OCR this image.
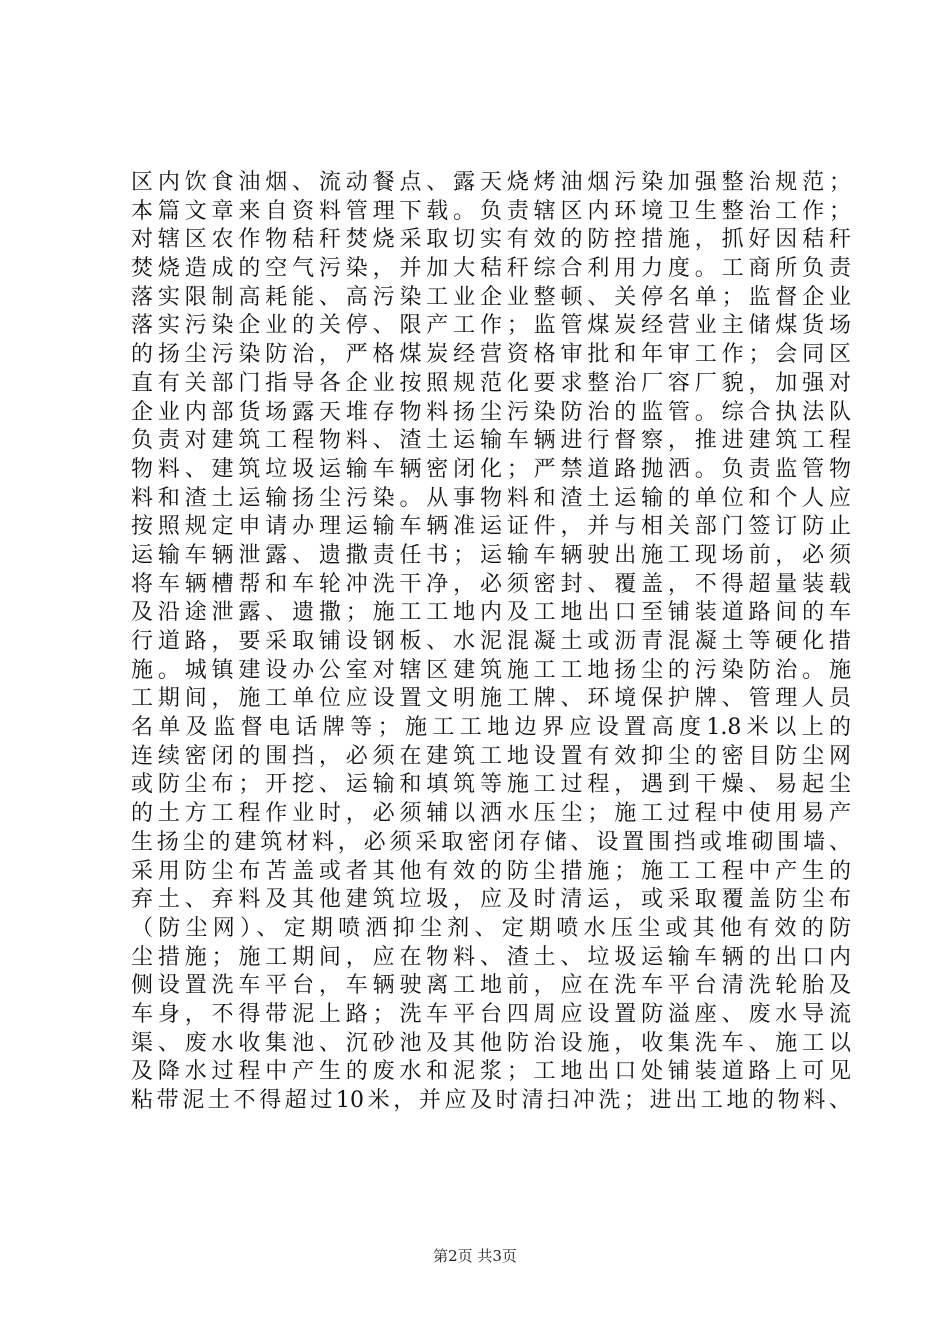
区内饮食油烟、流动餐点、露天烧烤油烟污染加强整治规范；
本篇文章来自资料管理下载。负责辖区内环境卫生整治工作；
对辖区农作物秸秆焚烧采取切实有效的防控措施，抓好因秸秆
焚烧造成的空气污染，并加大秸秆综合利用力度。工商所负责
落实限制高耗能、高污染工业企业整顿、关停名单；监督企业
落实污染企业的关停、限产工作；监管煤炭经营业主储煤货场
的扬尘污染防治，严格煤炭经营资格审批和年审工作；会同区
直有关部门指导各企业按照规范化要求整治厂容厂貌，加强对
企业内部货场露天堆存物料扬尘污染防治的监管。综合执法队
负责对建筑工程物料、渣土运输车辆进行督察，推进建筑工程
物料、建筑垃圾运输车辆密闭化；严禁道路抛洒。负责监管物
料和渣土运输扬尘污染。从事物料和渣土运输的单位和个人应
按照规定申请办理运输车辆准运证件，并与相关部门签订防止
运输车辆泄露、遗撒责任书；运输车辆驶出施工现场前，必须
将车辆槽帮和车轮冲洗干净，必须密封、覆盖，不得超量装载
及沿途泄露、遗撒；施工工地内及工地出口至铺装道路间的车
行道路，要采取铺设钢板、水泥混凝土或沥青混凝土等硬化措
施。城镇建设办公室对辖区建筑施工工地扬尘的污染防治。施
工期间，施工单位应设置文明施工牌、环境保护牌、管理人员
名单及监督电话牌等；施工工地边界应设置高度1.8米以上的
连续密闭的围挡，必须在建筑工地设置有效抑尘的密目防尘网
或防尘布；开挖、运输和填筑等施工过程，遇到干燥、易起尘
的土方工程作业时，必须辅以洒水压尘；施工过程中使用易产
生扬尘的建筑材料，必须采取密闭存储、设置围挡或堆砌围墙、
采用防尘布苫盖或者其他有效的防尘措施；施工工程中产生的
弃土、弃料及其他建筑垃圾，应及时清运，或采取覆盖防尘布
（防尘网）、定期喷洒抑尘剂、定期喷水压尘或其他有效的防
尘措施；施工期间，应在物料、渣土、垃圾运输车辆的出口内
侧设置洗车平台，车辆驶离工地前，应在洗车平台清洗轮胎及
车身，不得带泥上路；洗车平台四周应设置防溢座、废水导流
渠、废水收集池、沉砂池及其他防治设施，收集洗车、施工以
及降水过程中产生的废水和泥浆；工地出口处铺装道路上可见
粘带泥土不得超过10米，并应及时清扫冲洗；进出工地的物料、
第2页 共3页
